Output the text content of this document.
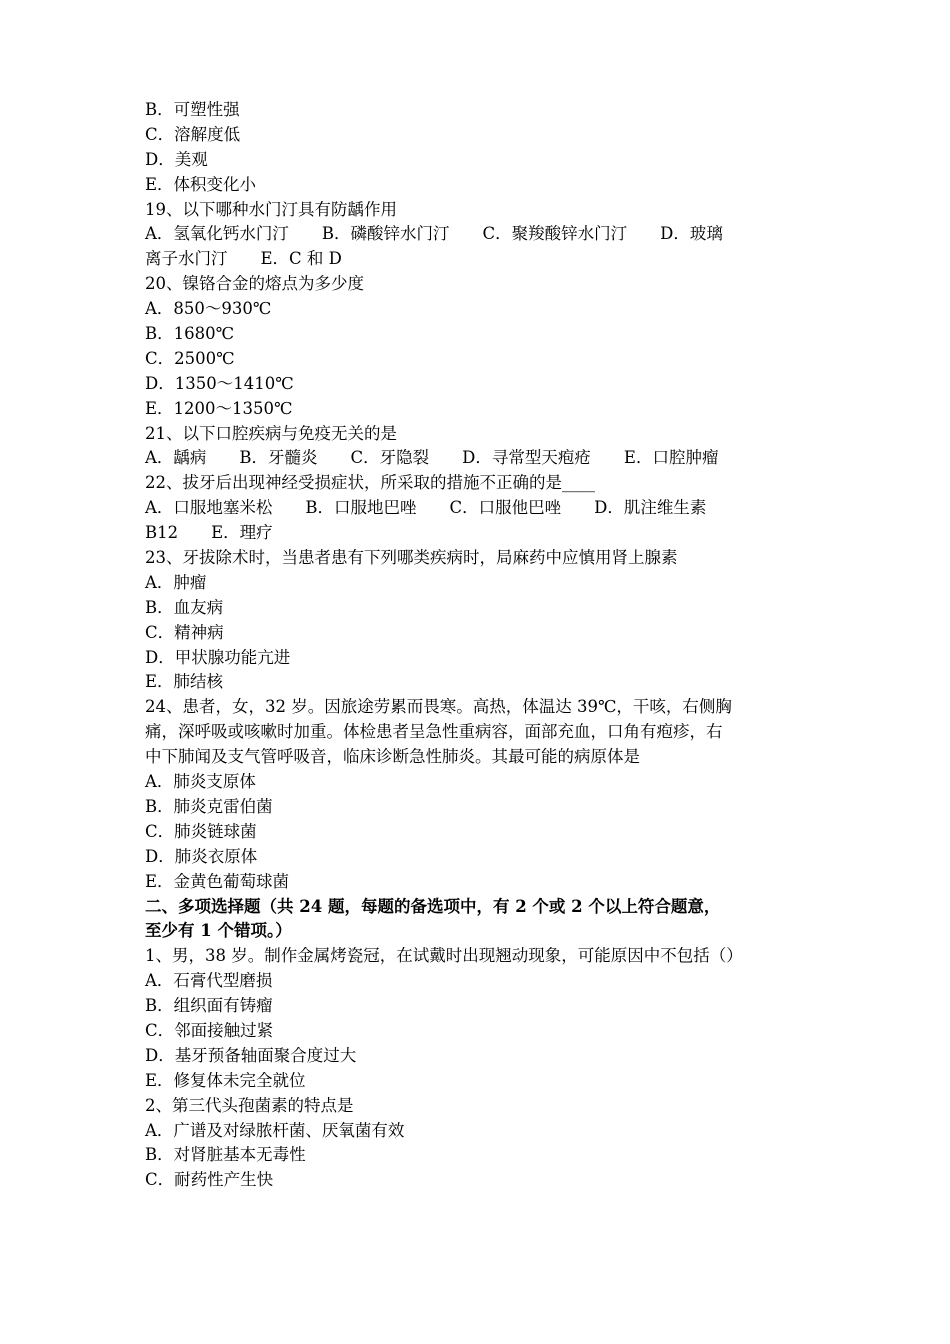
B．可塑性强
C．溶解度低
D．美观
E．体积变化小
19、以下哪种水门汀具有防龋作用
A．氢氧化钙水门汀　　B．磷酸锌水门汀　　C．聚羧酸锌水门汀　　D．玻璃
离子水门汀　　E．C 和 D
20、镍铬合金的熔点为多少度
A．850～930℃
B．1680℃
C．2500℃
D．1350～1410℃
E．1200～1350℃
21、以下口腔疾病与免疫无关的是
A．龋病　　B．牙髓炎　　C．牙隐裂　　D．寻常型天疱疮　　E．口腔肿瘤
22、拔牙后出现神经受损症状，所采取的措施不正确的是____
A．口服地塞米松　　B．口服地巴唑　　C．口服他巴唑　　D．肌注维生素
B12　　E．理疗
23、牙拔除术时，当患者患有下列哪类疾病时，局麻药中应慎用肾上腺素
A．肿瘤
B．血友病
C．精神病
D．甲状腺功能亢进
E．肺结核
24、患者，女，32 岁。因旅途劳累而畏寒。高热，体温达 39℃，干咳，右侧胸
痛，深呼吸或咳嗽时加重。体检患者呈急性重病容，面部充血，口角有疱疹，右
中下肺闻及支气管呼吸音，临床诊断急性肺炎。其最可能的病原体是
A．肺炎支原体
B．肺炎克雷伯菌
C．肺炎链球菌
D．肺炎衣原体
E．金黄色葡萄球菌
二、多项选择题（共 24 题，每题的备选项中，有 2 个或 2 个以上符合题意，
至少有 1 个错项。）
1、男，38 岁。制作金属烤瓷冠，在试戴时出现翘动现象，可能原因中不包括（）
A．石膏代型磨损
B．组织面有铸瘤
C．邻面接触过紧
D．基牙预备轴面聚合度过大
E．修复体未完全就位
2、第三代头孢菌素的特点是
A．广谱及对绿脓杆菌、厌氧菌有效
B．对肾脏基本无毒性
C．耐药性产生快
